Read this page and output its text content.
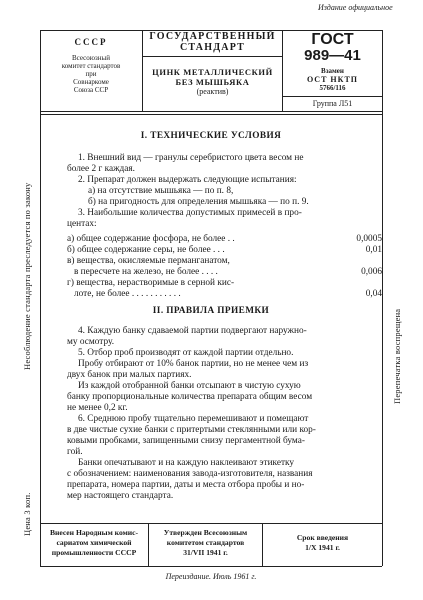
Издание официальное
СССР
Всесоюзный
комитет стандартов
при
Совнаркоме
Союза ССР
ГОСУДАРСТВЕННЫЙ
СТАНДАРТ
ЦИНК МЕТАЛЛИЧЕСКИЙ
БЕЗ МЫШЬЯКА
(реактив)
ГОСТ
989—41
Взамен
ОСТ НКТП
5766/116
Группа Л51
Несоблюдение стандарта преследуется по закону
Цена 3 коп.
Перепечатка воспрещена
I. ТЕХНИЧЕСКИЕ УСЛОВИЯ
1. Внешний вид — гранулы серебристого цвета весом не
более 2 г каждая.
2. Препарат должен выдержать следующие испытания:
а) на отсутствие мышьяка — по п. 8,
б) на пригодность для определения мышьяка — по п. 9.
3. Наибольшие количества допустимых примесей в про-
центах:
а) общее содержание фосфора, не более . .	0,0005
б) общее содержание серы, не более . . .	0,01
в) вещества, окисляемые перманганатом,
в пересчете на железо, не более . . . .	0,006
г) вещества, нерастворимые в серной кис-
лоте, не более . . . . . . . . . . .	0,04
II. ПРАВИЛА ПРИЕМКИ
4. Каждую банку сдаваемой партии подвергают наружно-
му осмотру.
5. Отбор проб производят от каждой партии отдельно.
Пробу отбирают от 10% банок партии, но не менее чем из
двух банок при малых партиях.
Из каждой отобранной банки отсыпают в чистую сухую
банку пропорциональные количества препарата общим весом
не менее 0,2 кг.
6. Среднюю пробу тщательно перемешивают и помещают
в две чистые сухие банки с притертыми стеклянными или кор-
ковыми пробками, запищенными снизу пергаментной бума-
гой.
Банки опечатывают и на каждую наклеивают этикетку
с обозначением: наименования завода-изготовителя, названия
препарата, номера партии, даты и места отбора пробы и но-
мер настоящего стандарта.
Внесен Народным комис-
сариатом химической
промышленности СССР
Утвержден Всесоюзным
комитетом стандартов
31/VII 1941 г.
Срок введения
1/X 1941 г.
Переиздание. Июль 1961 г.
